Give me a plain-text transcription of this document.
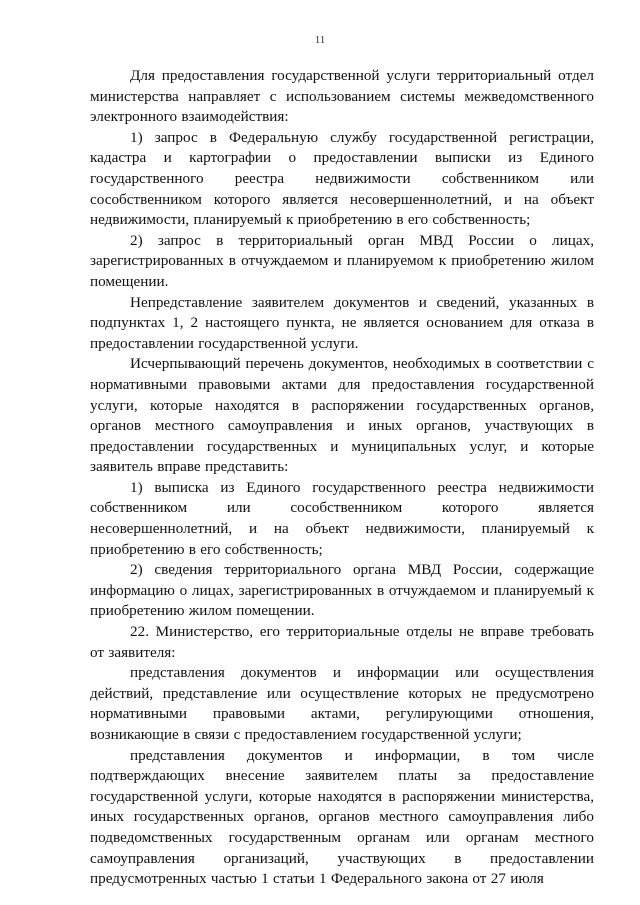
11

Для предоставления государственной услуги территориальный отдел министерства направляет с использованием системы межведомственного электронного взаимодействия:

1) запрос в Федеральную службу государственной регистрации, кадастра и картографии о предоставлении выписки из Единого государственного реестра недвижимости собственником или сособственником которого является несовершеннолетний, и на объект недвижимости, планируемый к приобретению в его собственность;

2) запрос в территориальный орган МВД России о лицах, зарегистрированных в отчуждаемом и планируемом к приобретению жилом помещении.

Непредставление заявителем документов и сведений, указанных в подпунктах 1, 2 настоящего пункта, не является основанием для отказа в предоставлении государственной услуги.

Исчерпывающий перечень документов, необходимых в соответствии с нормативными правовыми актами для предоставления государственной услуги, которые находятся в распоряжении государственных органов, органов местного самоуправления и иных органов, участвующих в предоставлении государственных и муниципальных услуг, и которые заявитель вправе представить:

1) выписка из Единого государственного реестра недвижимости собственником или сособственником которого является несовершеннолетний, и на объект недвижимости, планируемый к приобретению в его собственность;

2) сведения территориального органа МВД России, содержащие информацию о лицах, зарегистрированных в отчуждаемом и планируемый к приобретению жилом помещении.

22. Министерство, его территориальные отделы не вправе требовать от заявителя:

представления документов и информации или осуществления действий, представление или осуществление которых не предусмотрено нормативными правовыми актами, регулирующими отношения, возникающие в связи с предоставлением государственной услуги;

представления документов и информации, в том числе подтверждающих внесение заявителем платы за предоставление государственной услуги, которые находятся в распоряжении министерства, иных государственных органов, органов местного самоуправления либо подведомственных государственным органам или органам местного самоуправления организаций, участвующих в предоставлении предусмотренных частью 1 статьи 1 Федерального закона от 27 июля
